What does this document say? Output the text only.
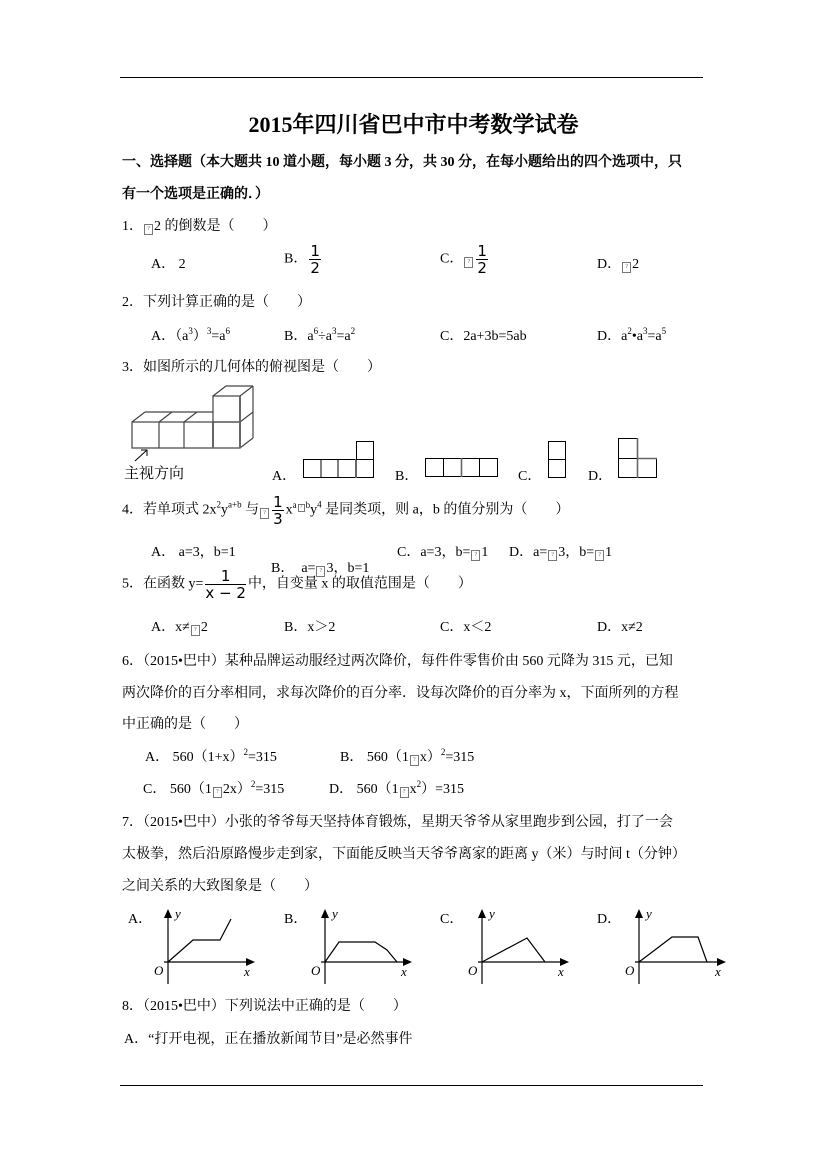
2015年四川省巴中市中考数学试卷
一、选择题（本大题共 10 道小题，每小题 3 分，共 30 分，在每小题给出的四个选项中，只
有一个选项是正确的．）
1． ? 2 的倒数是（　　）
A． 2	B． $\frac{1}{2}$	C． ? $\frac{1}{2}$	D． ? 2
2．下列计算正确的是（　　）
A．$(a^3)^3=a^6$	B．$a^6\div a^3=a^2$	C．2a+3b=5ab	D．$a^2•a^3=a^5$
3．如图所示的几何体的俯视图是（　　）
主视方向	A．	B．	C．	D．
4．若单项式 $2x^2y^{a+b}$ 与 ? $\frac{1}{3} x^{a ? b}y^4$ 是同类项，则 a，b 的值分别为（　　）
A． a=3，b=1

B．  a= ? 3，b=1

C．a=3，b= ? 1 D．a= ? 3，b= ? 1
5．在函数 $y= \frac{1}{x - 2}$ 中，自变量 x 的取值范围是（　　）
A．x≠ ? 2	B．x＞2	C．x＜2	D．x≠2
6．（2015•巴中）某种品牌运动服经过两次降价，每件件零售价由 560 元降为 315 元，已知
两次降价的百分率相同，求每次降价的百分率．设每次降价的百分率为 x，下面所列的方程
中正确的是（　　）
A． $560(1+x)^2=315$	B． 560（1 ? x）$^2$=315
C． 560（1 ? 2x）$^2$=315	D． 560（1 ? $x^2)=315$
7．（2015•巴中）小张的爷爷每天坚持体育锻炼，星期天爷爷从家里跑步到公园，打了一会
太极拳，然后沿原路慢步走到家，下面能反映当天爷爷离家的距离 y（米）与时间 t（分钟）
之间关系的大致图象是（　　）
A．	B．	C．	D．
y
x
O
y
x
O
y
x
O
y
x
O
8．（2015•巴中）下列说法中正确的是（　　）
A．“打开电视，正在播放新闻节目”是必然事件
